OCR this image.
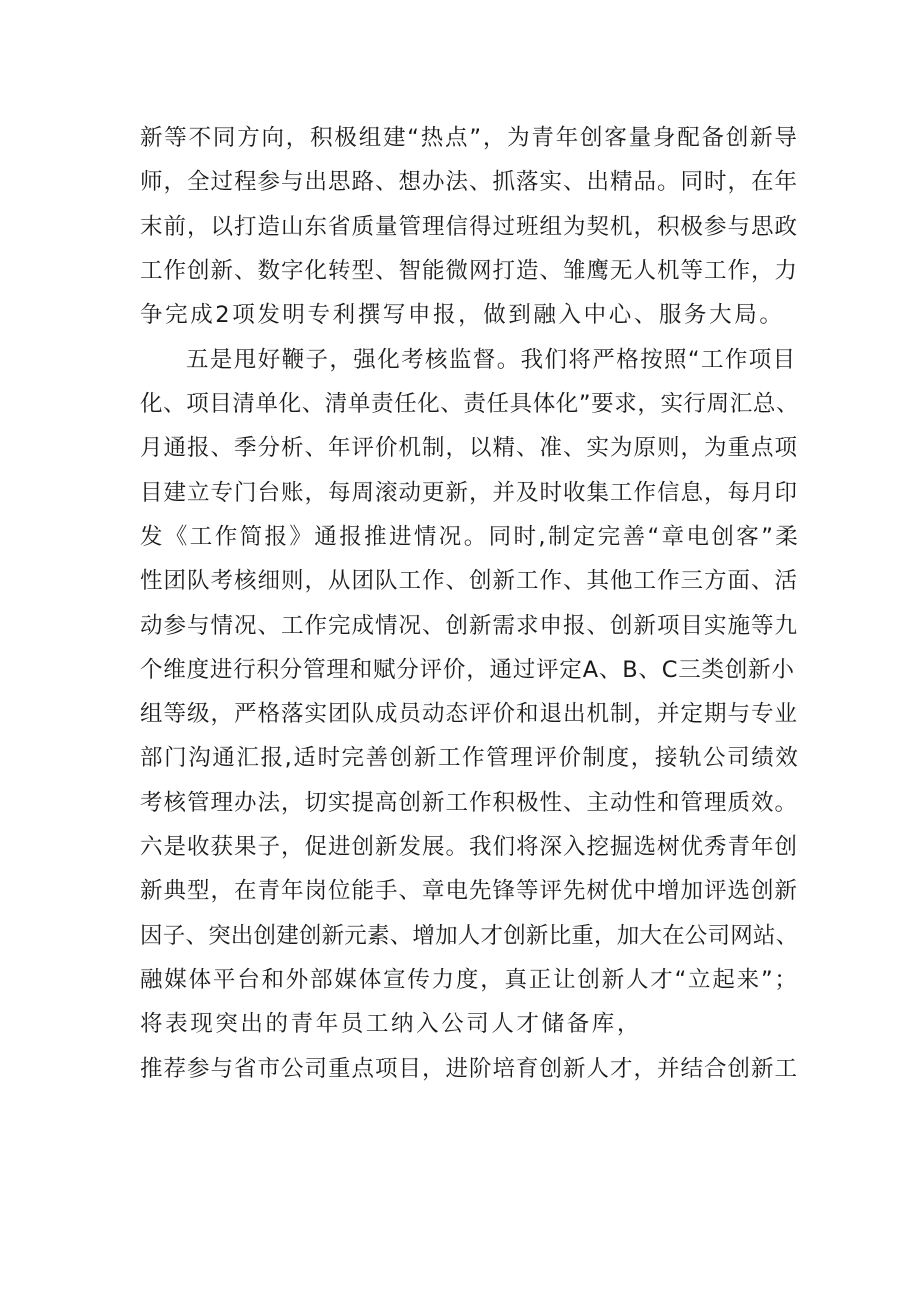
新等不同方向，积极组建“热点”，为青年创客量身配备创新导
师，全过程参与出思路、想办法、抓落实、出精品。同时，在年
末前，以打造山东省质量管理信得过班组为契机，积极参与思政
工作创新、数字化转型、智能微网打造、雏鹰无人机等工作，力
争完成2项发明专利撰写申报，做到融入中心、服务大局。
五是甩好鞭子，强化考核监督。我们将严格按照“工作项目
化、项目清单化、清单责任化、责任具体化”要求，实行周汇总、
月通报、季分析、年评价机制，以精、准、实为原则，为重点项
目建立专门台账，每周滚动更新，并及时收集工作信息，每月印
发《工作简报》通报推进情况。同时,制定完善“章电创客”柔
性团队考核细则，从团队工作、创新工作、其他工作三方面、活
动参与情况、工作完成情况、创新需求申报、创新项目实施等九
个维度进行积分管理和赋分评价，通过评定A、B、C三类创新小
组等级，严格落实团队成员动态评价和退出机制，并定期与专业
部门沟通汇报,适时完善创新工作管理评价制度，接轨公司绩效
考核管理办法，切实提高创新工作积极性、主动性和管理质效。
六是收获果子，促进创新发展。我们将深入挖掘选树优秀青年创
新典型，在青年岗位能手、章电先锋等评先树优中增加评选创新
因子、突出创建创新元素、增加人才创新比重，加大在公司网站、
融媒体平台和外部媒体宣传力度，真正让创新人才“立起来”；
将表现突出的青年员工纳入公司人才储备库，
推荐参与省市公司重点项目，进阶培育创新人才，并结合创新工
